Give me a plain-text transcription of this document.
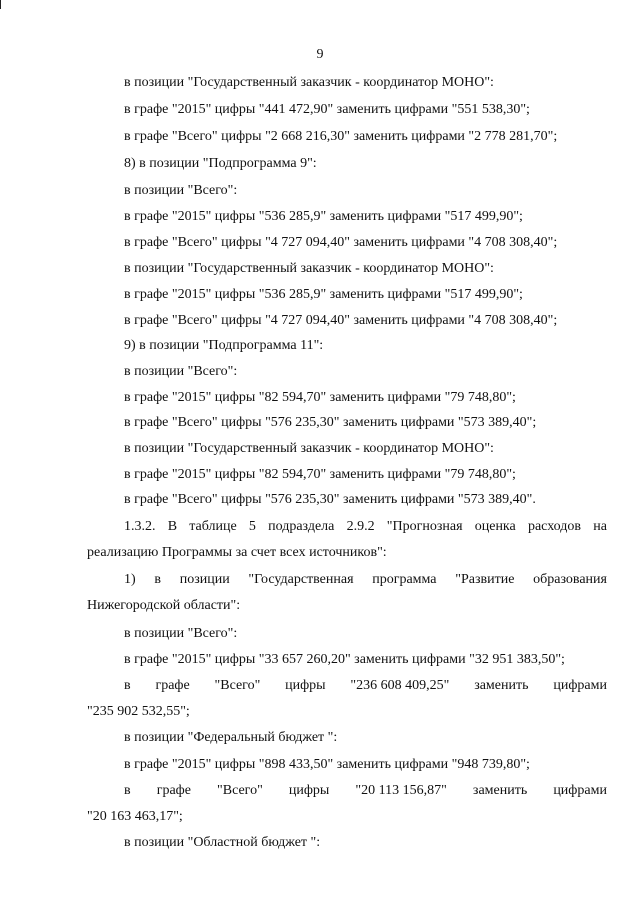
9
в позиции "Государственный заказчик - координатор МОНО":
в графе "2015" цифры "441 472,90" заменить цифрами "551 538,30";
в графе "Всего" цифры "2 668 216,30" заменить цифрами "2 778 281,70";
8) в позиции "Подпрограмма 9":
в позиции "Всего":
в графе "2015" цифры "536 285,9" заменить цифрами "517 499,90";
в графе "Всего" цифры "4 727 094,40" заменить цифрами "4 708 308,40";
в позиции "Государственный заказчик - координатор МОНО":
в графе "2015" цифры "536 285,9" заменить цифрами "517 499,90";
в графе "Всего" цифры "4 727 094,40" заменить цифрами "4 708 308,40";
9) в позиции "Подпрограмма 11":
в позиции "Всего":
в графе "2015" цифры "82 594,70" заменить цифрами "79 748,80";
в графе "Всего" цифры "576 235,30" заменить цифрами "573 389,40";
в позиции "Государственный заказчик - координатор МОНО":
в графе "2015" цифры "82 594,70" заменить цифрами "79 748,80";
в графе "Всего" цифры "576 235,30" заменить цифрами "573 389,40".
1.3.2. В таблице 5 подраздела 2.9.2 "Прогнозная оценка расходов на
реализацию Программы за счет всех источников":
1) в позиции "Государственная программа "Развитие образования
Нижегородской области":
в позиции "Всего":
в графе "2015" цифры "33 657 260,20" заменить цифрами "32 951 383,50";
в графе "Всего" цифры "236 608 409,25" заменить цифрами
"235 902 532,55";
в позиции "Федеральный бюджет ":
в графе "2015" цифры "898 433,50" заменить цифрами "948 739,80";
в графе "Всего" цифры "20 113 156,87" заменить цифрами
"20 163 463,17";
в позиции "Областной бюджет ":
